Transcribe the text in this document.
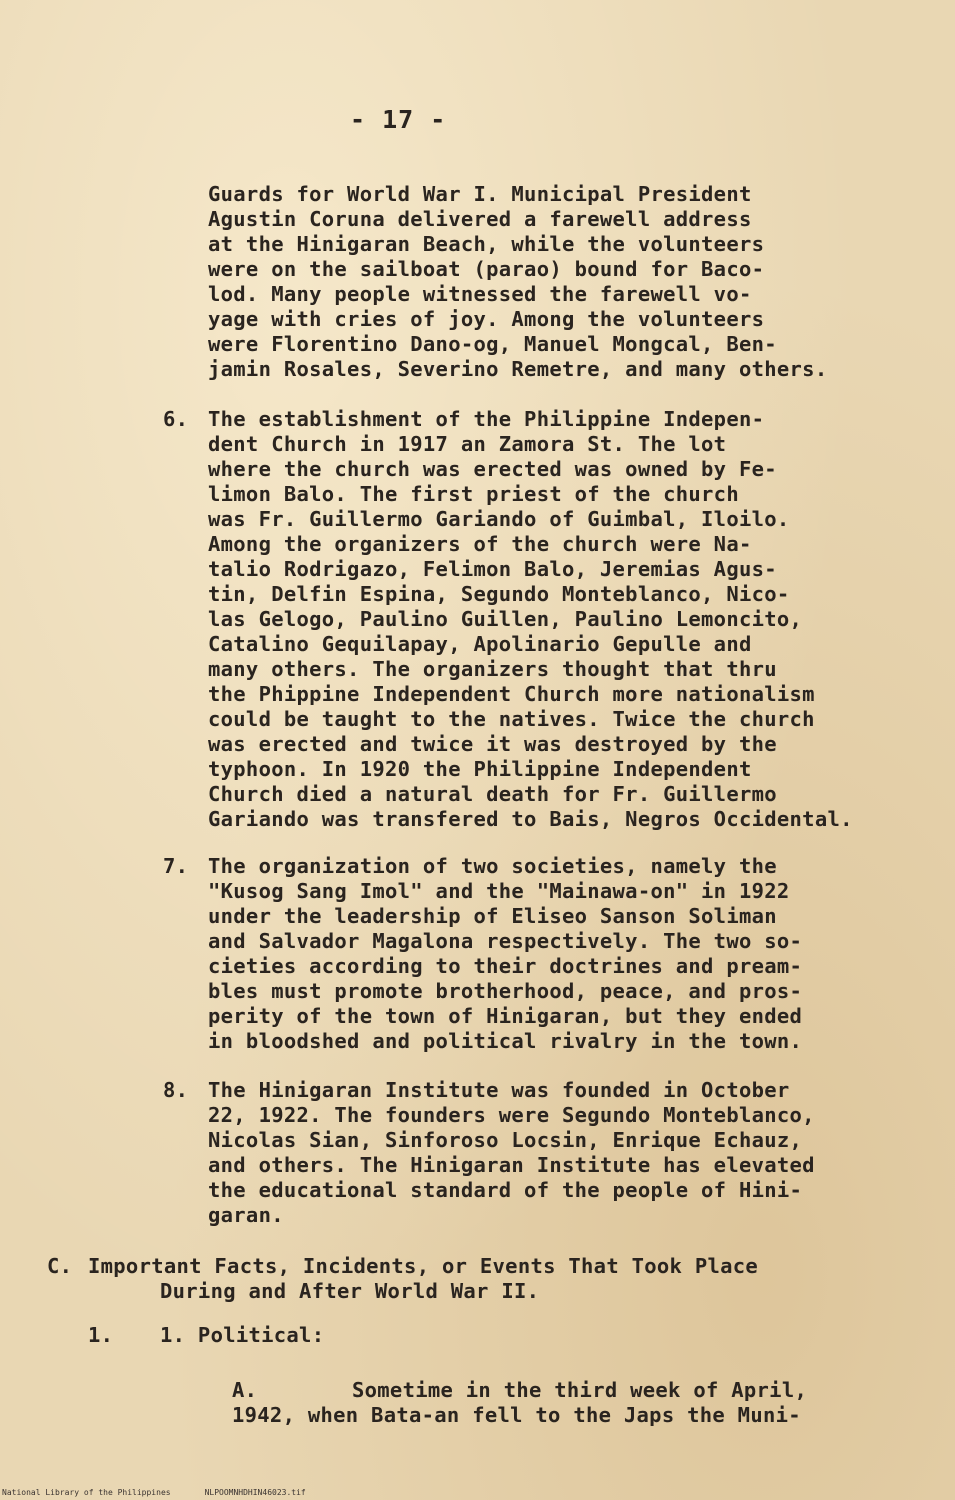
- 17 -
Guards for World War I. Municipal President
Agustin Coruna delivered a farewell address
at the Hinigaran Beach, while the volunteers
were on the sailboat (parao) bound for Baco-
lod. Many people witnessed the farewell vo-
yage with cries of joy. Among the volunteers
were Florentino Dano-og, Manuel Mongcal, Ben-
jamin Rosales, Severino Remetre, and many others.
6. The establishment of the Philippine Indepen-
dent Church in 1917 an Zamora St. The lot
where the church was erected was owned by Fe-
limon Balo. The first priest of the church
was Fr. Guillermo Gariando of Guimbal, Iloilo.
Among the organizers of the church were Na-
talio Rodrigazo, Felimon Balo, Jeremias Agus-
tin, Delfin Espina, Segundo Monteblanco, Nico-
las Gelogo, Paulino Guillen, Paulino Lemoncito,
Catalino Gequilapay, Apolinario Gepulle and
many others. The organizers thought that thru
the Phippine Independent Church more nationalism
could be taught to the natives. Twice the church
was erected and twice it was destroyed by the
typhoon. In 1920 the Philippine Independent
Church died a natural death for Fr. Guillermo
Gariando was transfered to Bais, Negros Occidental.
7. The organization of two societies, namely the
"Kusog Sang Imol" and the "Mainawa-on" in 1922
under the leadership of Eliseo Sanson Soliman
and Salvador Magalona respectively. The two so-
cieties according to their doctrines and pream-
bles must promote brotherhood, peace, and pros-
perity of the town of Hinigaran, but they ended
in bloodshed and political rivalry in the town.
8. The Hinigaran Institute was founded in October
22, 1922. The founders were Segundo Monteblanco,
Nicolas Sian, Sinforoso Locsin, Enrique Echauz,
and others. The Hinigaran Institute has elevated
the educational standard of the people of Hini-
garan.
C. Important Facts, Incidents, or Events That Took Place
During and After World War II.
1. 1. Political:
A.	Sometime in the third week of April,
1942, when Bata-an fell to the Japs the Muni-
National Library of the Philippines	NLPOOMNHDHIN46023.tif
